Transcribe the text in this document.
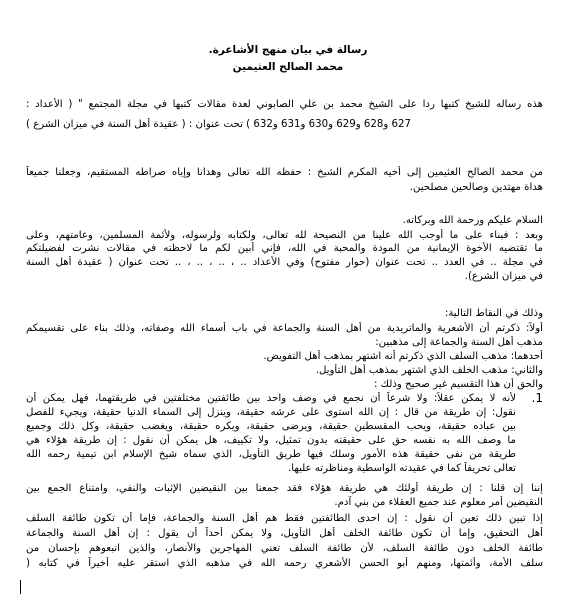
رسالة في بيان منهج الأشاعرة.
محمد الصالح العثيمين
هذه رساله للشيخ كتبها ردا على الشيخ محمد بن علي الصابوني لعدة مقالات كتبها في مجلة المجتمع " ( الأعداد :
627 و628 و629 و630 و631 و632 ) تحت عنوان : ( عقيدة أهل السنة في ميزان الشرع )
من محمد الصالح العثيمين إلى أخيه المكرم الشيخ : حفظه الله تعالى وهدانا وإياه صراطه المستقيم، وجعلنا جميعاً
هداة مهتدين وصالحين مصلحين.
السلام عليكم ورحمة الله وبركاته.
وبعد : فبناء على ما أوجب الله علينا من النصيحة لله تعالى، ولكتابه ولرسوله، ولأئمة المسلمين، وعامتهم، وعلى
ما تقتضيه الأخوة الإيمانية من المودة والمحبة في الله، فإني أبين لكم ما لاحظته في مقالات نشرت لفضيلتكم
في مجلة .. في العدد .. تحت عنوان (حوار مفتوح) وفي الأعداد .. ، .. ، .. ، .. تحت عنوان ( عقيدة أهل السنة
في ميزان الشرع).
وذلك في النقاط التالية:
أولاً: ذكرتم أن الأشعرية والماتريدية من أهل السنة والجماعة في باب أسماء الله وصفاته، وذلك بناء على تقسيمكم
مذهب أهل السنة والجماعة إلى مذهبين:
أحدهما: مذهب السلف الذي ذكرتم أنه اشتهر بمذهب أهل التفويض.
والثاني: مذهب الخلف الذي اشتهر بمذهب أهل التأويل.
والحق أن هذا التقسيم غير صحيح وذلك :
1.
لأنه لا يمكن عقلاً: ولا شرعاً أن نجمع في وصف واحد بين طائفتين مختلفتين في طريقتهما، فهل يمكن أن
نقول: إن طريقة من قال : إن الله استوى على عرشه حقيقة، وينزل إلى السماء الدنيا حقيقة، ويجيء للفصل
بين عباده حقيقة، ويحب المقسطين حقيقة، ويرضى حقيقة، ويكره حقيقة، ويغضب حقيقة، وكل ذلك وجميع
ما وصف الله به نفسه حق على حقيقته بدون تمثيل، ولا تكييف، هل يمكن أن نقول : إن طريقة هؤلاء هي
طريقة من نفى حقيقة هذه الأمور وسلك فيها طريق التأويل، الذي سماه شيخ الإسلام ابن تيمية رحمه الله
تعالى تحريفاً كما في عقيدته الواسطية ومناظرته عليها.
إننا إن قلنا : إن طريقة أولئك هي طريقة هؤلاء فقد جمعنا بين النقيضين الإثبات والنفي، وامتناع الجمع بين
النقيضين أمر معلوم عند جميع العقلاء من بني آدم.
إذا تبين ذلك تعين أن نقول : إن احدى الطائفتين فقط هم أهل السنة والجماعة، فإما أن تكون طائفة السلف
أهل التحقيق، وإما أن تكون طائفة الخلف أهل التأويل، ولا يمكن أحداً أن يقول : إن أهل السنة والجماعة
طائفة الخلف دون طائفة السلف، لأن طائفة السلف تعني المهاجرين والأنصار، والذين اتبعوهم بإحسان من
سلف الأمة، وأئمتها، ومنهم أبو الحسن الأشعري رحمه الله في مذهبه الذي استقر عليه أخيراً في كتابه (
